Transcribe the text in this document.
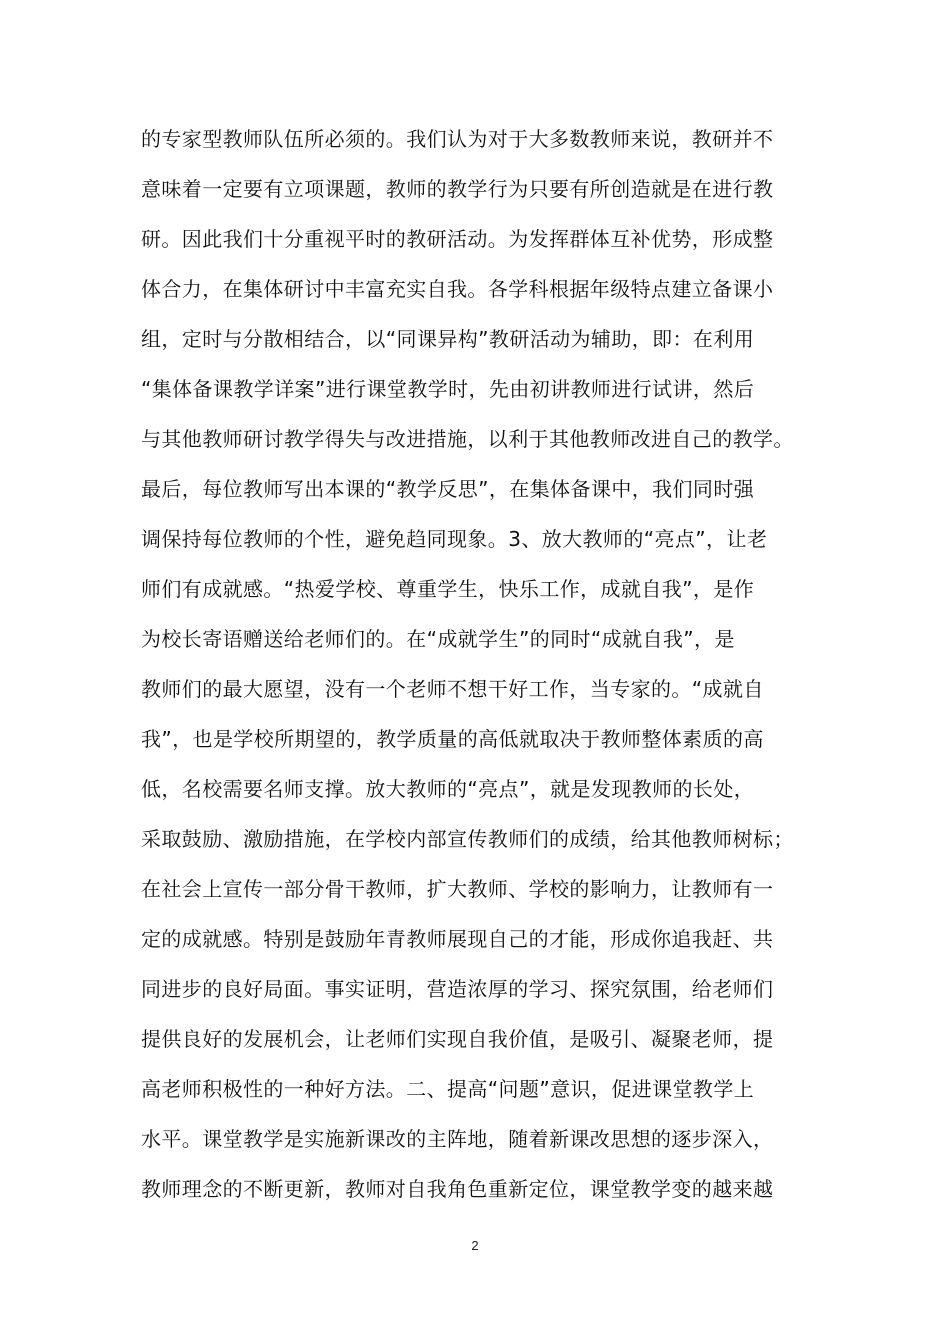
的专家型教师队伍所必须的。我们认为对于大多数教师来说，教研并不
意味着一定要有立项课题，教师的教学行为只要有所创造就是在进行教
研。因此我们十分重视平时的教研活动。为发挥群体互补优势，形成整
体合力，在集体研讨中丰富充实自我。各学科根据年级特点建立备课小
组，定时与分散相结合，以“同课异构”教研活动为辅助，即：在利用
“集体备课教学详案”进行课堂教学时，先由初讲教师进行试讲，然后
与其他教师研讨教学得失与改进措施，以利于其他教师改进自己的教学。
最后，每位教师写出本课的“教学反思”，在集体备课中，我们同时强
调保持每位教师的个性，避免趋同现象。3、放大教师的“亮点”，让老
师们有成就感。“热爱学校、尊重学生，快乐工作，成就自我”，是作
为校长寄语赠送给老师们的。在“成就学生”的同时“成就自我”，是
教师们的最大愿望，没有一个老师不想干好工作，当专家的。“成就自
我”，也是学校所期望的，教学质量的高低就取决于教师整体素质的高
低，名校需要名师支撑。放大教师的“亮点”，就是发现教师的长处，
采取鼓励、激励措施，在学校内部宣传教师们的成绩，给其他教师树标；
在社会上宣传一部分骨干教师，扩大教师、学校的影响力，让教师有一
定的成就感。特别是鼓励年青教师展现自己的才能，形成你追我赶、共
同进步的良好局面。事实证明，营造浓厚的学习、探究氛围，给老师们
提供良好的发展机会，让老师们实现自我价值，是吸引、凝聚老师，提
高老师积极性的一种好方法。二、提高“问题”意识，促进课堂教学上
水平。课堂教学是实施新课改的主阵地，随着新课改思想的逐步深入，
教师理念的不断更新，教师对自我角色重新定位，课堂教学变的越来越
2
